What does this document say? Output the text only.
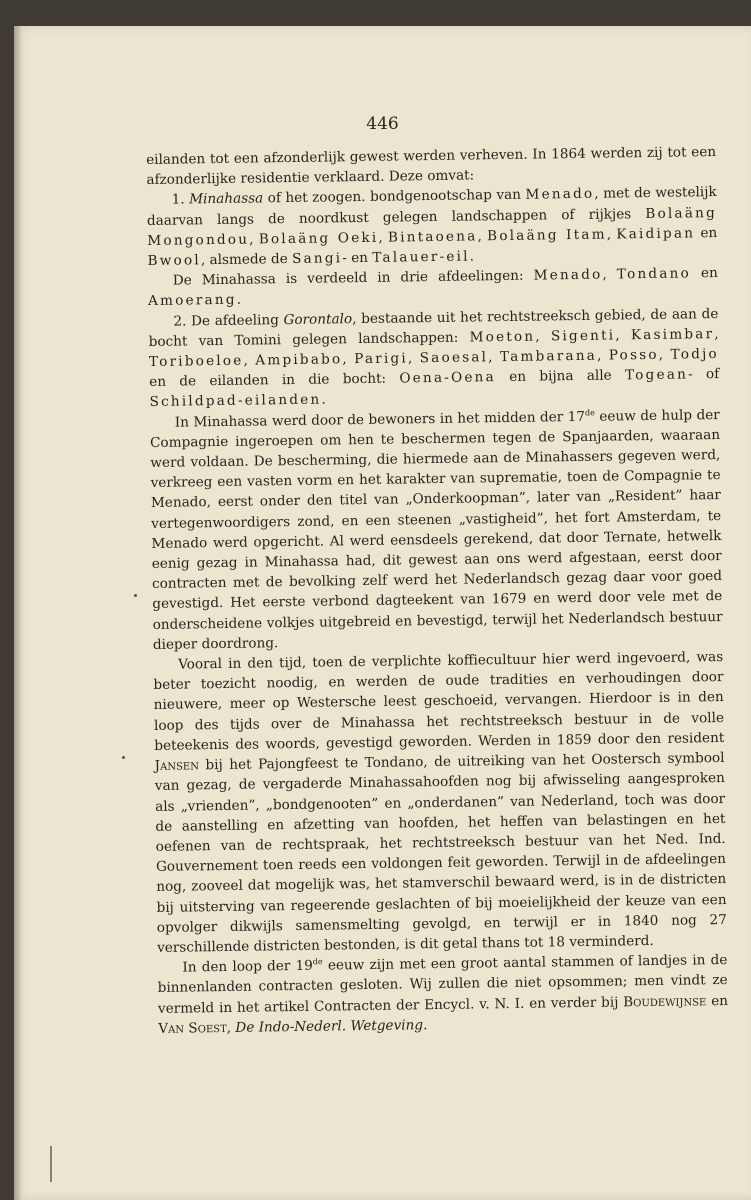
446

eilanden tot een afzonderlijk gewest werden verheven. In 1864 werden zij tot een afzonderlijke residentie verklaard. Deze omvat:

1. Minahassa of het zoogen. bondgenootschap van Menado, met de westelijk daarvan langs de noordkust gelegen landschappen of rijkjes Bolaäng Mongondou, Bolaäng Oeki, Bintaoena, Bolaäng Itam, Kaidipan en Bwool, alsmede de Sangi- en Talauer-eil.

De Minahassa is verdeeld in drie afdeelingen: Menado, Tondano en Amoerang.

2. De afdeeling Gorontalo, bestaande uit het rechtstreeksch gebied, de aan de bocht van Tomini gelegen landschappen: Moeton, Sigenti, Kasimbar, Toriboeloe, Ampibabo, Parigi, Saoesal, Tambarana, Posso, Todjo en de eilanden in die bocht: Oena-Oena en bijna alle Togean- of Schildpad-eilanden.

In Minahassa werd door de bewoners in het midden der 17de eeuw de hulp der Compagnie ingeroepen om hen te beschermen tegen de Spanjaarden, waaraan werd voldaan. De bescherming, die hiermede aan de Minahassers gegeven werd, verkreeg een vasten vorm en het karakter van suprematie, toen de Compagnie te Menado, eerst onder den titel van „Onderkoopman”, later van „Resident” haar vertegenwoordigers zond, en een steenen „vastigheid”, het fort Amsterdam, te Menado werd opgericht. Al werd eensdeels gerekend, dat door Ternate, hetwelk eenig gezag in Minahassa had, dit gewest aan ons werd afgestaan, eerst door contracten met de bevolking zelf werd het Nederlandsch gezag daar voor goed gevestigd. Het eerste verbond dagteekent van 1679 en werd door vele met de onderscheidene volkjes uitgebreid en bevestigd, terwijl het Nederlandsch bestuur dieper doordrong.

Vooral in den tijd, toen de verplichte koffiecultuur hier werd ingevoerd, was beter toezicht noodig, en werden de oude tradities en verhoudingen door nieuwere, meer op Westersche leest geschoeid, vervangen. Hierdoor is in den loop des tijds over de Minahassa het rechtstreeksch bestuur in de volle beteekenis des woords, gevestigd geworden. Werden in 1859 door den resident Jansen bij het Pajongfeest te Tondano, de uitreiking van het Oostersch symbool van gezag, de vergaderde Minahassahoofden nog bij afwisseling aangesproken als „vrienden”, „bondgenooten” en „onderdanen” van Nederland, toch was door de aanstelling en afzetting van hoofden, het heffen van belastingen en het oefenen van de rechtspraak, het rechtstreeksch bestuur van het Ned. Ind. Gouvernement toen reeds een voldongen feit geworden. Terwijl in de afdeelingen nog, zooveel dat mogelijk was, het stamverschil bewaard werd, is in de districten bij uitsterving van regeerende geslachten of bij moeielijkheid der keuze van een opvolger dikwijls samensmelting gevolgd, en terwijl er in 1840 nog 27 verschillende districten bestonden, is dit getal thans tot 18 verminderd.

In den loop der 19de eeuw zijn met een groot aantal stammen of landjes in de binnenlanden contracten gesloten. Wij zullen die niet opsommen; men vindt ze vermeld in het artikel Contracten der Encycl. v. N. I. en verder bij Boudewijnse en Van Soest, De Indo-Nederl. Wetgeving.
